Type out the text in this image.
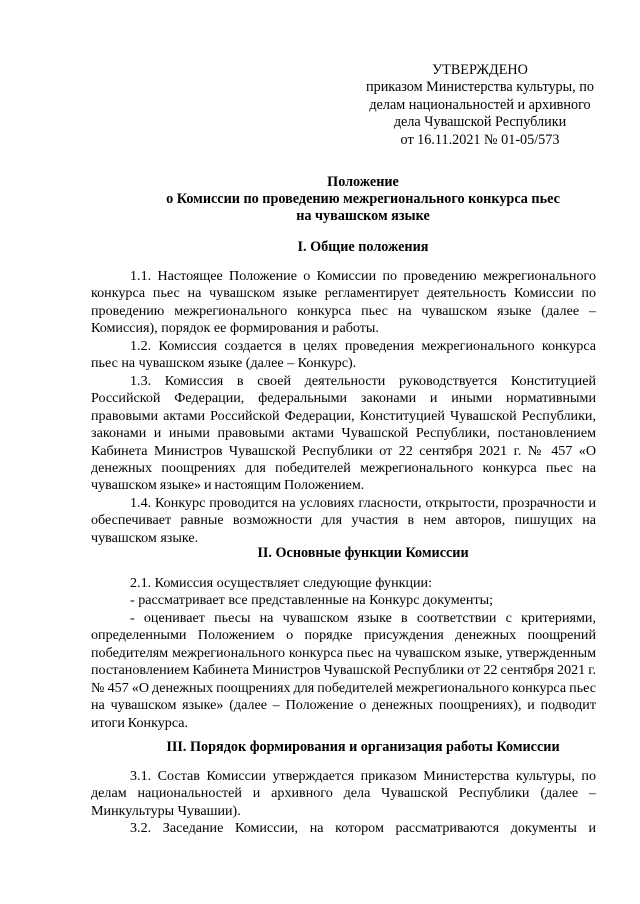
УТВЕРЖДЕНО
приказом Министерства культуры, по
делам национальностей и архивного
дела Чувашской Республики
от 16.11.2021 № 01-05/573
Положение
о Комиссии по проведению межрегионального конкурса пьес
на чувашском языке
I. Общие положения

1.1. Настоящее Положение о Комиссии по проведению межрегионального конкурса пьес на чувашском языке регламентирует деятельность Комиссии по проведению межрегионального конкурса пьес на чувашском языке (далее – Комиссия), порядок ее формирования и работы.

1.2. Комиссия создается в целях проведения межрегионального конкурса пьес на чувашском языке (далее – Конкурс).

1.3. Комиссия в своей деятельности руководствуется Конституцией Российской Федерации, федеральными законами и иными нормативными правовыми актами Российской Федерации, Конституцией Чувашской Республики, законами и иными правовыми актами Чувашской Республики, постановлением Кабинета Министров Чувашской Республики от 22 сентября 2021 г. № 457 «О денежных поощрениях для победителей межрегионального конкурса пьес на чувашском языке» и настоящим Положением.

1.4. Конкурс проводится на условиях гласности, открытости, прозрачности и обеспечивает равные возможности для участия в нем авторов, пишущих на чувашском языке.

II. Основные функции Комиссии

2.1. Комиссия осуществляет следующие функции:

- рассматривает все представленные на Конкурс документы;

- оценивает пьесы на чувашском языке в соответствии с критериями, определенными Положением о порядке присуждения денежных поощрений победителям межрегионального конкурса пьес на чувашском языке, утвержденным постановлением Кабинета Министров Чувашской Республики от 22 сентября 2021 г. № 457 «О денежных поощрениях для победителей межрегионального конкурса пьес на чувашском языке» (далее – Положение о денежных поощрениях), и подводит итоги Конкурса.

III. Порядок формирования и организация работы Комиссии

3.1. Состав Комиссии утверждается приказом Министерства культуры, по делам национальностей и архивного дела Чувашской Республики (далее – Минкультуры Чувашии).

3.2. Заседание Комиссии, на котором рассматриваются документы и
